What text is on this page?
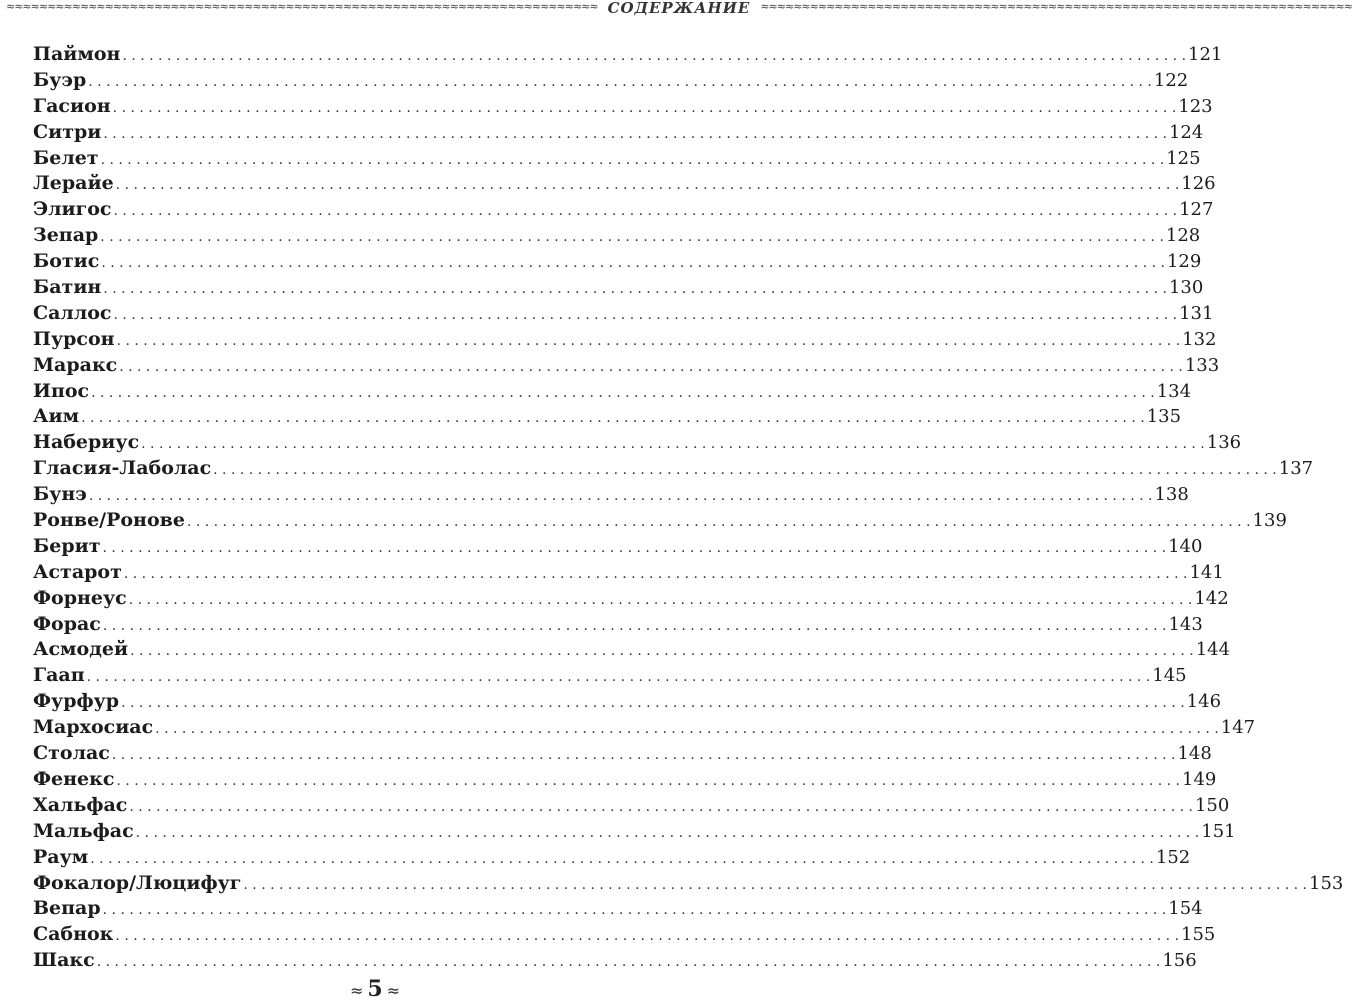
≈≈≈≈≈≈≈≈≈≈≈≈≈≈≈≈≈≈≈≈≈≈≈≈≈≈≈≈≈≈≈≈≈≈≈≈≈≈≈≈≈≈≈≈≈≈≈≈≈≈≈≈≈≈≈≈≈≈≈≈≈≈≈≈≈≈≈≈≈≈≈≈ СОДЕРЖАНИЕ ≈≈≈≈≈≈≈≈≈≈≈≈≈≈≈≈≈≈≈≈≈≈≈≈≈≈≈≈≈≈≈≈≈≈≈≈≈≈≈≈≈≈≈≈≈≈≈≈≈≈≈≈≈≈≈≈≈≈≈≈≈≈≈≈≈≈≈≈≈≈≈≈
Паймон . . . . . . . . . . . . . . . . . . . . . . . . . . . . . . . . . . . . . . . . . . . . . . . . . . . . . . . . . . . . . . . . . . . . . . . . . . . . . . . . . . . . . . . . . . . . . . . . . . . . . . . . . . . . . . . . . . . . . . . . 121
Буэр . . . . . . . . . . . . . . . . . . . . . . . . . . . . . . . . . . . . . . . . . . . . . . . . . . . . . . . . . . . . . . . . . . . . . . . . . . . . . . . . . . . . . . . . . . . . . . . . . . . . . . . . . . . . . . . . . . . . . . . . 122
Гасион . . . . . . . . . . . . . . . . . . . . . . . . . . . . . . . . . . . . . . . . . . . . . . . . . . . . . . . . . . . . . . . . . . . . . . . . . . . . . . . . . . . . . . . . . . . . . . . . . . . . . . . . . . . . . . . . . . . . . . . . 123
Ситри . . . . . . . . . . . . . . . . . . . . . . . . . . . . . . . . . . . . . . . . . . . . . . . . . . . . . . . . . . . . . . . . . . . . . . . . . . . . . . . . . . . . . . . . . . . . . . . . . . . . . . . . . . . . . . . . . . . . . . . . 124
Белет . . . . . . . . . . . . . . . . . . . . . . . . . . . . . . . . . . . . . . . . . . . . . . . . . . . . . . . . . . . . . . . . . . . . . . . . . . . . . . . . . . . . . . . . . . . . . . . . . . . . . . . . . . . . . . . . . . . . . . . . 125
Лерайе . . . . . . . . . . . . . . . . . . . . . . . . . . . . . . . . . . . . . . . . . . . . . . . . . . . . . . . . . . . . . . . . . . . . . . . . . . . . . . . . . . . . . . . . . . . . . . . . . . . . . . . . . . . . . . . . . . . . . . . . 126
Элигос . . . . . . . . . . . . . . . . . . . . . . . . . . . . . . . . . . . . . . . . . . . . . . . . . . . . . . . . . . . . . . . . . . . . . . . . . . . . . . . . . . . . . . . . . . . . . . . . . . . . . . . . . . . . . . . . . . . . . . . . 127
Зепар . . . . . . . . . . . . . . . . . . . . . . . . . . . . . . . . . . . . . . . . . . . . . . . . . . . . . . . . . . . . . . . . . . . . . . . . . . . . . . . . . . . . . . . . . . . . . . . . . . . . . . . . . . . . . . . . . . . . . . . . 128
Ботис . . . . . . . . . . . . . . . . . . . . . . . . . . . . . . . . . . . . . . . . . . . . . . . . . . . . . . . . . . . . . . . . . . . . . . . . . . . . . . . . . . . . . . . . . . . . . . . . . . . . . . . . . . . . . . . . . . . . . . . . 129
Батин . . . . . . . . . . . . . . . . . . . . . . . . . . . . . . . . . . . . . . . . . . . . . . . . . . . . . . . . . . . . . . . . . . . . . . . . . . . . . . . . . . . . . . . . . . . . . . . . . . . . . . . . . . . . . . . . . . . . . . . . 130
Саллос . . . . . . . . . . . . . . . . . . . . . . . . . . . . . . . . . . . . . . . . . . . . . . . . . . . . . . . . . . . . . . . . . . . . . . . . . . . . . . . . . . . . . . . . . . . . . . . . . . . . . . . . . . . . . . . . . . . . . . . . 131
Пурсон . . . . . . . . . . . . . . . . . . . . . . . . . . . . . . . . . . . . . . . . . . . . . . . . . . . . . . . . . . . . . . . . . . . . . . . . . . . . . . . . . . . . . . . . . . . . . . . . . . . . . . . . . . . . . . . . . . . . . . . . 132
Маракс . . . . . . . . . . . . . . . . . . . . . . . . . . . . . . . . . . . . . . . . . . . . . . . . . . . . . . . . . . . . . . . . . . . . . . . . . . . . . . . . . . . . . . . . . . . . . . . . . . . . . . . . . . . . . . . . . . . . . . . . 133
Ипос . . . . . . . . . . . . . . . . . . . . . . . . . . . . . . . . . . . . . . . . . . . . . . . . . . . . . . . . . . . . . . . . . . . . . . . . . . . . . . . . . . . . . . . . . . . . . . . . . . . . . . . . . . . . . . . . . . . . . . . . 134
Аим . . . . . . . . . . . . . . . . . . . . . . . . . . . . . . . . . . . . . . . . . . . . . . . . . . . . . . . . . . . . . . . . . . . . . . . . . . . . . . . . . . . . . . . . . . . . . . . . . . . . . . . . . . . . . . . . . . . . . . . . 135
Набериус . . . . . . . . . . . . . . . . . . . . . . . . . . . . . . . . . . . . . . . . . . . . . . . . . . . . . . . . . . . . . . . . . . . . . . . . . . . . . . . . . . . . . . . . . . . . . . . . . . . . . . . . . . . . . . . . . . . . . . . . 136
Гласия-Лаболас . . . . . . . . . . . . . . . . . . . . . . . . . . . . . . . . . . . . . . . . . . . . . . . . . . . . . . . . . . . . . . . . . . . . . . . . . . . . . . . . . . . . . . . . . . . . . . . . . . . . . . . . . . . . . . . . . . . . . . . . 137
Бунэ . . . . . . . . . . . . . . . . . . . . . . . . . . . . . . . . . . . . . . . . . . . . . . . . . . . . . . . . . . . . . . . . . . . . . . . . . . . . . . . . . . . . . . . . . . . . . . . . . . . . . . . . . . . . . . . . . . . . . . . . 138
Ронве/Ронове . . . . . . . . . . . . . . . . . . . . . . . . . . . . . . . . . . . . . . . . . . . . . . . . . . . . . . . . . . . . . . . . . . . . . . . . . . . . . . . . . . . . . . . . . . . . . . . . . . . . . . . . . . . . . . . . . . . . . . . . 139
Берит . . . . . . . . . . . . . . . . . . . . . . . . . . . . . . . . . . . . . . . . . . . . . . . . . . . . . . . . . . . . . . . . . . . . . . . . . . . . . . . . . . . . . . . . . . . . . . . . . . . . . . . . . . . . . . . . . . . . . . . . 140
Астарот . . . . . . . . . . . . . . . . . . . . . . . . . . . . . . . . . . . . . . . . . . . . . . . . . . . . . . . . . . . . . . . . . . . . . . . . . . . . . . . . . . . . . . . . . . . . . . . . . . . . . . . . . . . . . . . . . . . . . . . . 141
Форнеус . . . . . . . . . . . . . . . . . . . . . . . . . . . . . . . . . . . . . . . . . . . . . . . . . . . . . . . . . . . . . . . . . . . . . . . . . . . . . . . . . . . . . . . . . . . . . . . . . . . . . . . . . . . . . . . . . . . . . . . . 142
Форас . . . . . . . . . . . . . . . . . . . . . . . . . . . . . . . . . . . . . . . . . . . . . . . . . . . . . . . . . . . . . . . . . . . . . . . . . . . . . . . . . . . . . . . . . . . . . . . . . . . . . . . . . . . . . . . . . . . . . . . . 143
Асмодей . . . . . . . . . . . . . . . . . . . . . . . . . . . . . . . . . . . . . . . . . . . . . . . . . . . . . . . . . . . . . . . . . . . . . . . . . . . . . . . . . . . . . . . . . . . . . . . . . . . . . . . . . . . . . . . . . . . . . . . . 144
Гаап . . . . . . . . . . . . . . . . . . . . . . . . . . . . . . . . . . . . . . . . . . . . . . . . . . . . . . . . . . . . . . . . . . . . . . . . . . . . . . . . . . . . . . . . . . . . . . . . . . . . . . . . . . . . . . . . . . . . . . . . 145
Фурфур . . . . . . . . . . . . . . . . . . . . . . . . . . . . . . . . . . . . . . . . . . . . . . . . . . . . . . . . . . . . . . . . . . . . . . . . . . . . . . . . . . . . . . . . . . . . . . . . . . . . . . . . . . . . . . . . . . . . . . . . 146
Мархосиас . . . . . . . . . . . . . . . . . . . . . . . . . . . . . . . . . . . . . . . . . . . . . . . . . . . . . . . . . . . . . . . . . . . . . . . . . . . . . . . . . . . . . . . . . . . . . . . . . . . . . . . . . . . . . . . . . . . . . . . . 147
Столас . . . . . . . . . . . . . . . . . . . . . . . . . . . . . . . . . . . . . . . . . . . . . . . . . . . . . . . . . . . . . . . . . . . . . . . . . . . . . . . . . . . . . . . . . . . . . . . . . . . . . . . . . . . . . . . . . . . . . . . . 148
Фенекс . . . . . . . . . . . . . . . . . . . . . . . . . . . . . . . . . . . . . . . . . . . . . . . . . . . . . . . . . . . . . . . . . . . . . . . . . . . . . . . . . . . . . . . . . . . . . . . . . . . . . . . . . . . . . . . . . . . . . . . . 149
Хальфас . . . . . . . . . . . . . . . . . . . . . . . . . . . . . . . . . . . . . . . . . . . . . . . . . . . . . . . . . . . . . . . . . . . . . . . . . . . . . . . . . . . . . . . . . . . . . . . . . . . . . . . . . . . . . . . . . . . . . . . . 150
Мальфас . . . . . . . . . . . . . . . . . . . . . . . . . . . . . . . . . . . . . . . . . . . . . . . . . . . . . . . . . . . . . . . . . . . . . . . . . . . . . . . . . . . . . . . . . . . . . . . . . . . . . . . . . . . . . . . . . . . . . . . . 151
Раум . . . . . . . . . . . . . . . . . . . . . . . . . . . . . . . . . . . . . . . . . . . . . . . . . . . . . . . . . . . . . . . . . . . . . . . . . . . . . . . . . . . . . . . . . . . . . . . . . . . . . . . . . . . . . . . . . . . . . . . . 152
Фокалор/Люцифуг . . . . . . . . . . . . . . . . . . . . . . . . . . . . . . . . . . . . . . . . . . . . . . . . . . . . . . . . . . . . . . . . . . . . . . . . . . . . . . . . . . . . . . . . . . . . . . . . . . . . . . . . . . . . . . . . . . . . . . . . 153
Вепар . . . . . . . . . . . . . . . . . . . . . . . . . . . . . . . . . . . . . . . . . . . . . . . . . . . . . . . . . . . . . . . . . . . . . . . . . . . . . . . . . . . . . . . . . . . . . . . . . . . . . . . . . . . . . . . . . . . . . . . . 154
Сабнок . . . . . . . . . . . . . . . . . . . . . . . . . . . . . . . . . . . . . . . . . . . . . . . . . . . . . . . . . . . . . . . . . . . . . . . . . . . . . . . . . . . . . . . . . . . . . . . . . . . . . . . . . . . . . . . . . . . . . . . . 155
Шакс . . . . . . . . . . . . . . . . . . . . . . . . . . . . . . . . . . . . . . . . . . . . . . . . . . . . . . . . . . . . . . . . . . . . . . . . . . . . . . . . . . . . . . . . . . . . . . . . . . . . . . . . . . . . . . . . . . . . . . . . 156
≈ 5 ≈
